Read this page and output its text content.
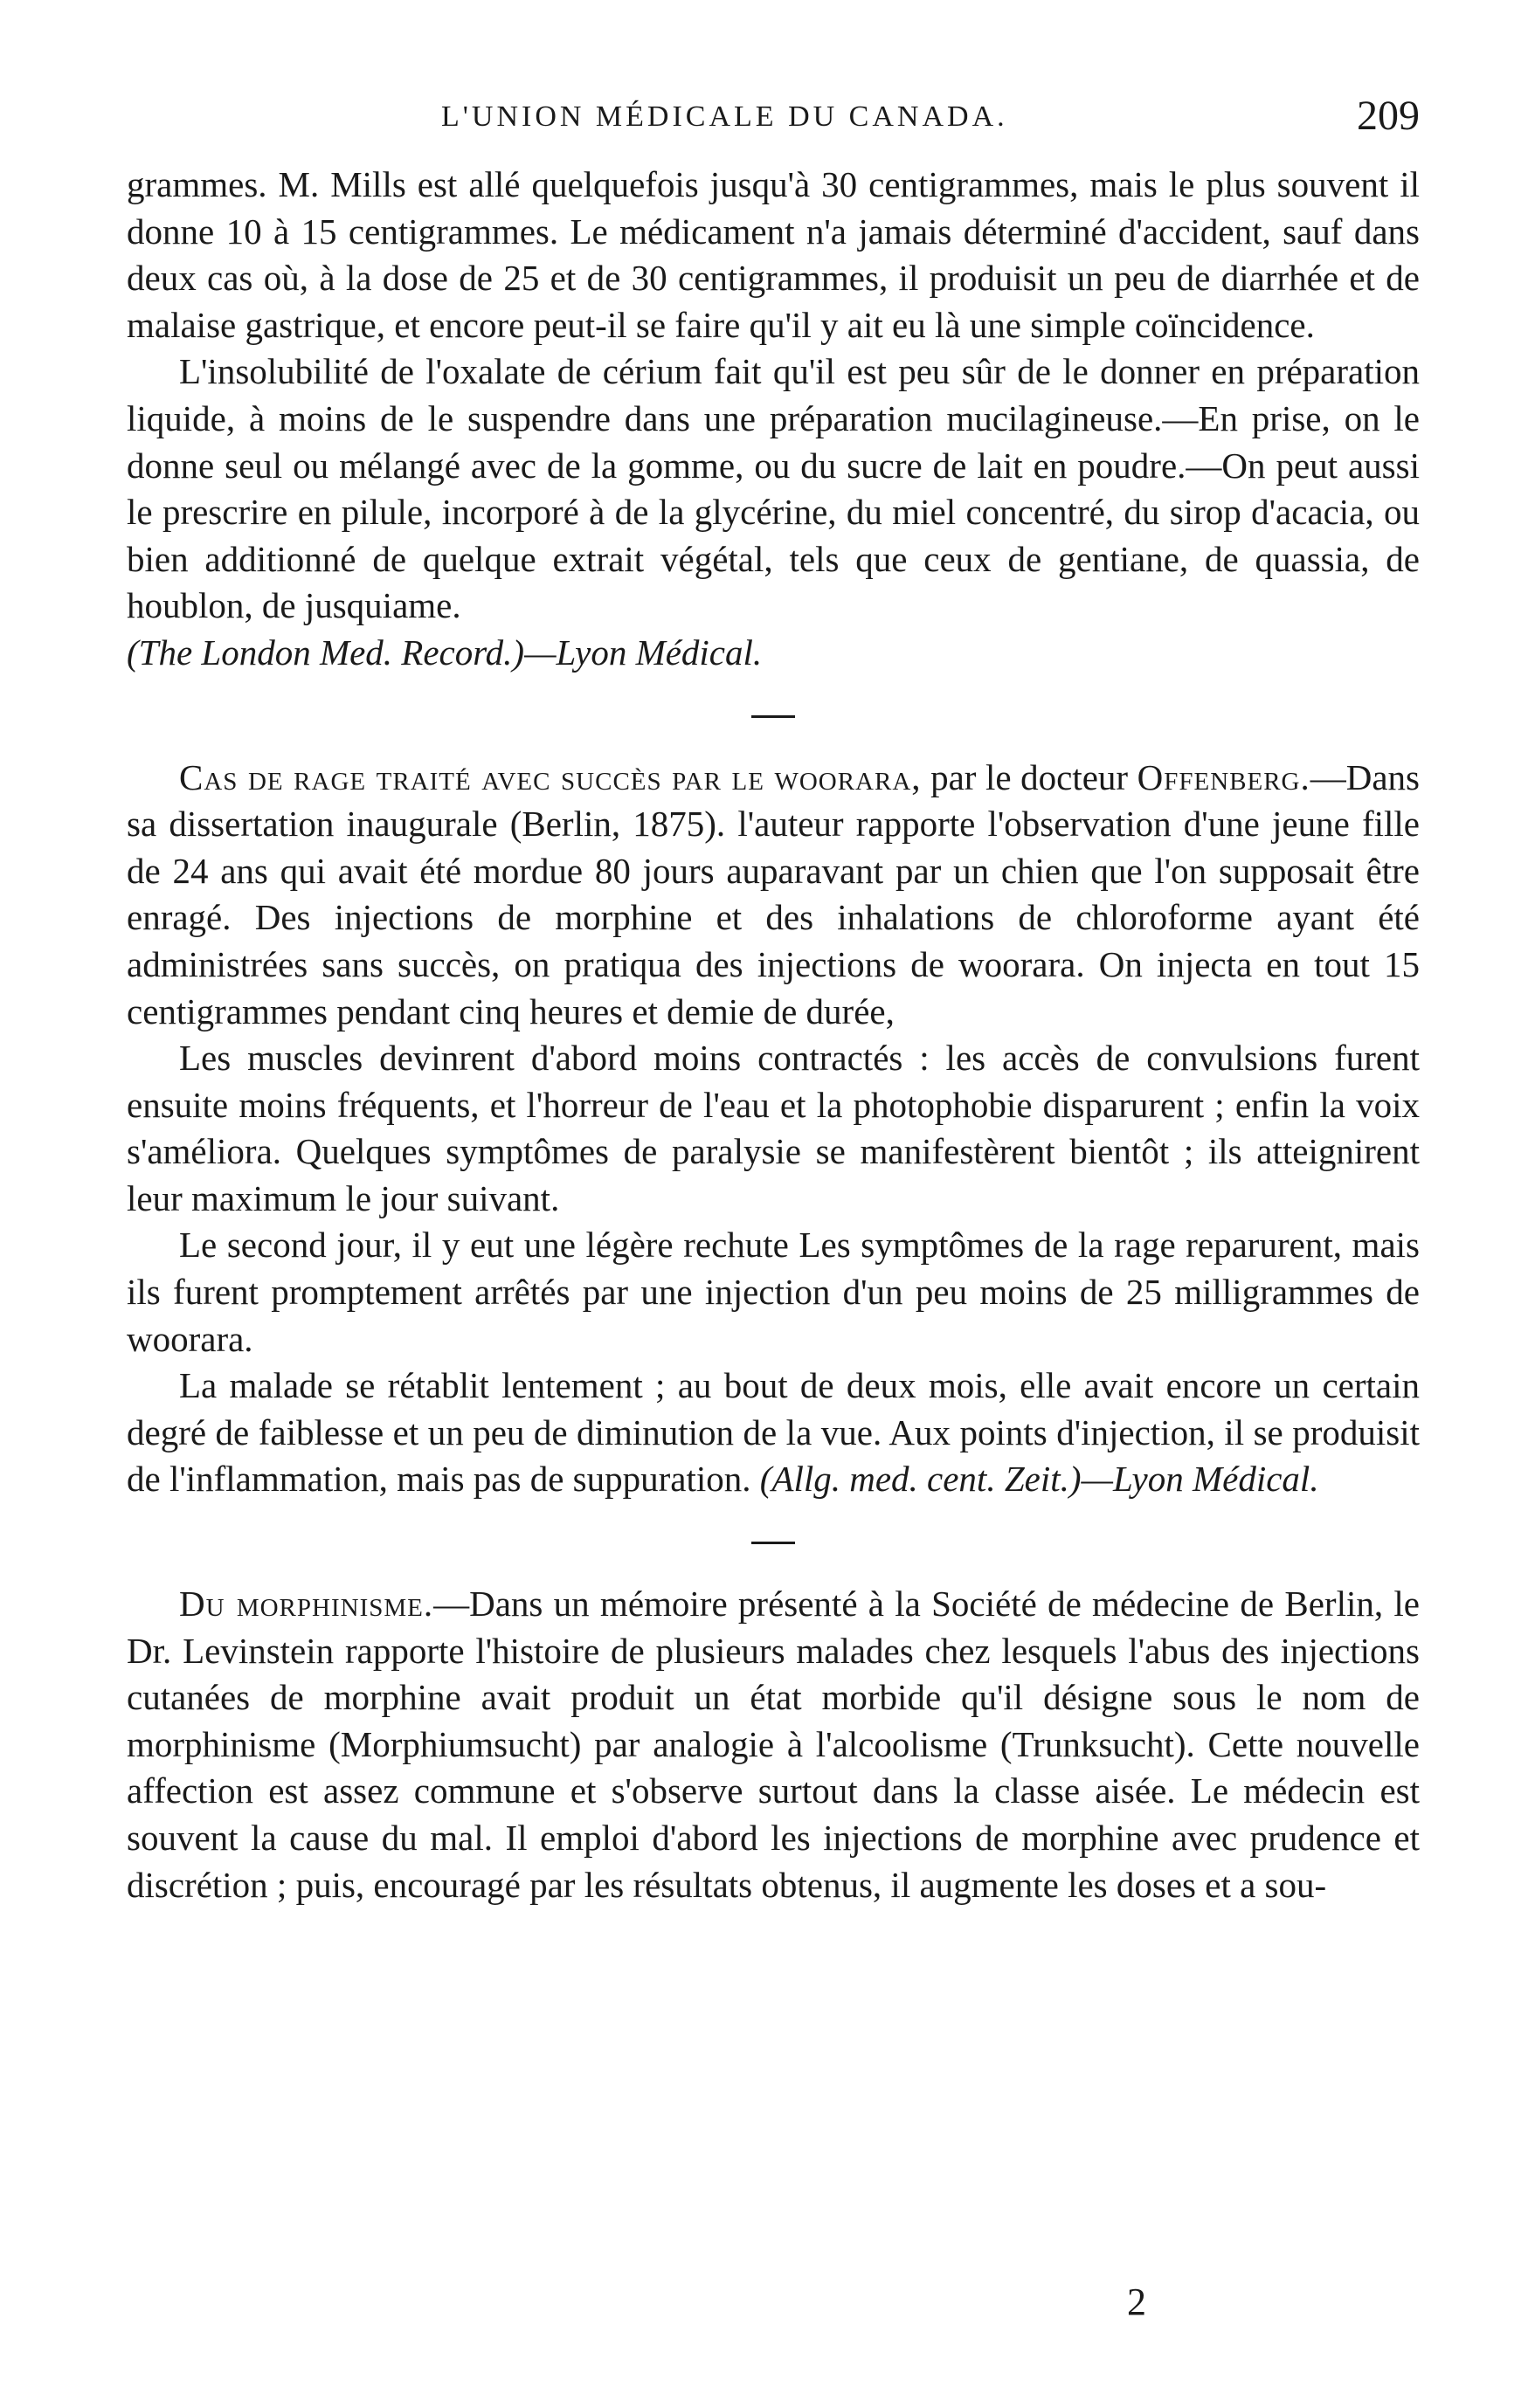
L'UNION MÉDICALE DU CANADA.	209

grammes. M. Mills est allé quelquefois jusqu'à 30 centigrammes, mais le plus souvent il donne 10 à 15 centigrammes. Le médicament n'a jamais déterminé d'accident, sauf dans deux cas où, à la dose de 25 et de 30 centigrammes, il produisit un peu de diarrhée et de malaise gastrique, et encore peut-il se faire qu'il y ait eu là une simple coïncidence.

L'insolubilité de l'oxalate de cérium fait qu'il est peu sûr de le donner en préparation liquide, à moins de le suspendre dans une préparation mucilagineuse.—En prise, on le donne seul ou mélangé avec de la gomme, ou du sucre de lait en poudre.—On peut aussi le prescrire en pilule, incorporé à de la glycérine, du miel concentré, du sirop d'acacia, ou bien additionné de quelque extrait végétal, tels que ceux de gentiane, de quassia, de houblon, de jusquiame.
(The London Med. Record.)—Lyon Médical.

Cas de rage traité avec succès par le woorara, par le docteur Offenberg.—Dans sa dissertation inaugurale (Berlin, 1875). l'auteur rapporte l'observation d'une jeune fille de 24 ans qui avait été mordue 80 jours auparavant par un chien que l'on supposait être enragé. Des injections de morphine et des inhalations de chloroforme ayant été administrées sans succès, on pratiqua des injections de woorara. On injecta en tout 15 centigrammes pendant cinq heures et demie de durée,

Les muscles devinrent d'abord moins contractés : les accès de convulsions furent ensuite moins fréquents, et l'horreur de l'eau et la photophobie disparurent ; enfin la voix s'améliora. Quelques symptômes de paralysie se manifestèrent bientôt ; ils atteignirent leur maximum le jour suivant.

Le second jour, il y eut une légère rechute Les symptômes de la rage reparurent, mais ils furent promptement arrêtés par une injection d'un peu moins de 25 milligrammes de woorara.

La malade se rétablit lentement ; au bout de deux mois, elle avait encore un certain degré de faiblesse et un peu de diminution de la vue. Aux points d'injection, il se produisit de l'inflammation, mais pas de suppuration. (Allg. med. cent. Zeit.)—Lyon Médical.

Du morphinisme.—Dans un mémoire présenté à la Société de médecine de Berlin, le Dr. Levinstein rapporte l'histoire de plusieurs malades chez lesquels l'abus des injections cutanées de morphine avait produit un état morbide qu'il désigne sous le nom de morphinisme (Morphiumsucht) par analogie à l'alcoolisme (Trunksucht). Cette nouvelle affection est assez commune et s'observe surtout dans la classe aisée. Le médecin est souvent la cause du mal. Il emploi d'abord les injections de morphine avec prudence et discrétion ; puis, encouragé par les résultats obtenus, il augmente les doses et a sou-

2
